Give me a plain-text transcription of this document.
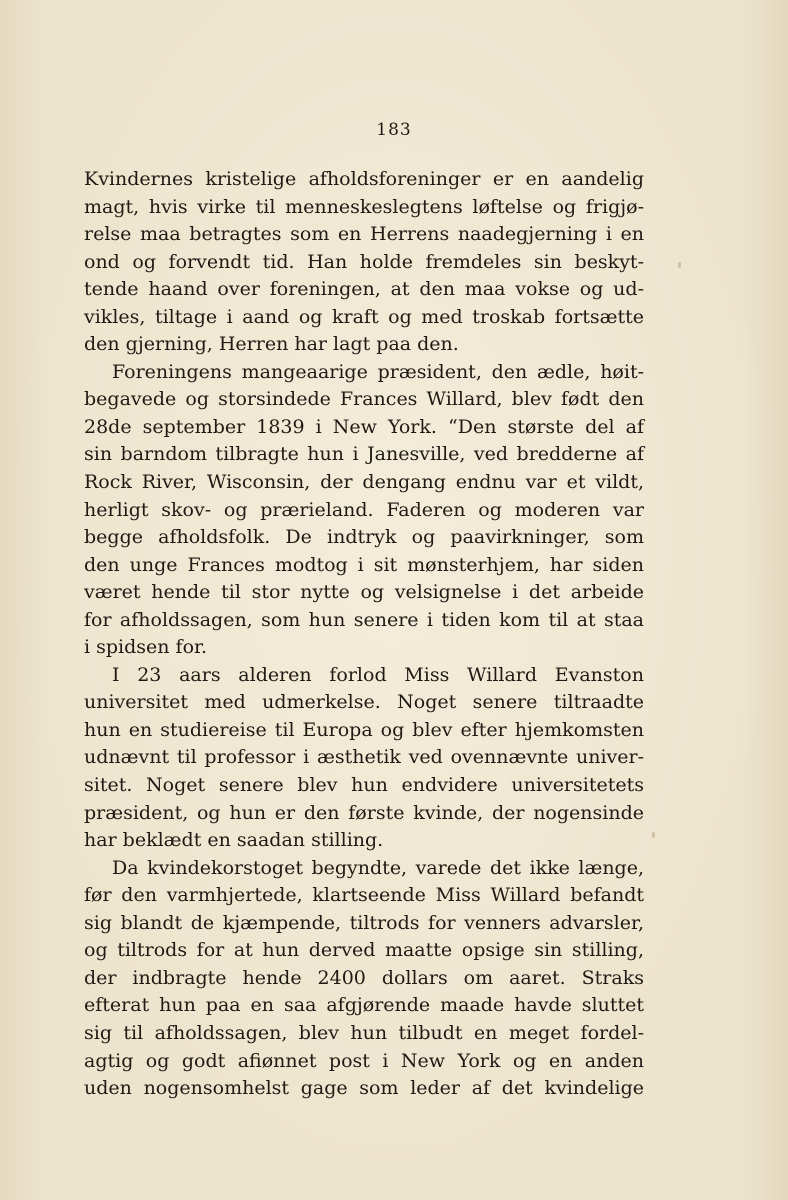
183
Kvindernes kristelige afholdsforeninger er en aandelig
magt, hvis virke til menneskeslegtens løftelse og frigjø-
relse maa betragtes som en Herrens naadegjerning i en
ond og forvendt tid. Han holde fremdeles sin beskyt-
tende haand over foreningen, at den maa vokse og ud-
vikles, tiltage i aand og kraft og med troskab fortsætte
den gjerning, Herren har lagt paa den.
Foreningens mangeaarige præsident, den ædle, høit-
begavede og storsindede Frances Willard, blev født den
28de september 1839 i New York. “Den største del af
sin barndom tilbragte hun i Janesville, ved bredderne af
Rock River, Wisconsin, der dengang endnu var et vildt,
herligt skov- og prærieland. Faderen og moderen var
begge afholdsfolk. De indtryk og paavirkninger, som
den unge Frances modtog i sit mønsterhjem, har siden
været hende til stor nytte og velsignelse i det arbeide
for afholdssagen, som hun senere i tiden kom til at staa
i spidsen for.
I 23 aars alderen forlod Miss Willard Evanston
universitet med udmerkelse. Noget senere tiltraadte
hun en studiereise til Europa og blev efter hjemkomsten
udnævnt til professor i æsthetik ved ovennævnte univer-
sitet. Noget senere blev hun endvidere universitetets
præsident, og hun er den første kvinde, der nogensinde
har beklædt en saadan stilling.
Da kvindekorstoget begyndte, varede det ikke længe,
før den varmhjertede, klartseende Miss Willard befandt
sig blandt de kjæmpende, tiltrods for venners advarsler,
og tiltrods for at hun derved maatte opsige sin stilling,
der indbragte hende 2400 dollars om aaret. Straks
efterat hun paa en saa afgjørende maade havde sluttet
sig til afholdssagen, blev hun tilbudt en meget fordel-
agtig og godt afiønnet post i New York og en anden
uden nogensomhelst gage som leder af det kvindelige
